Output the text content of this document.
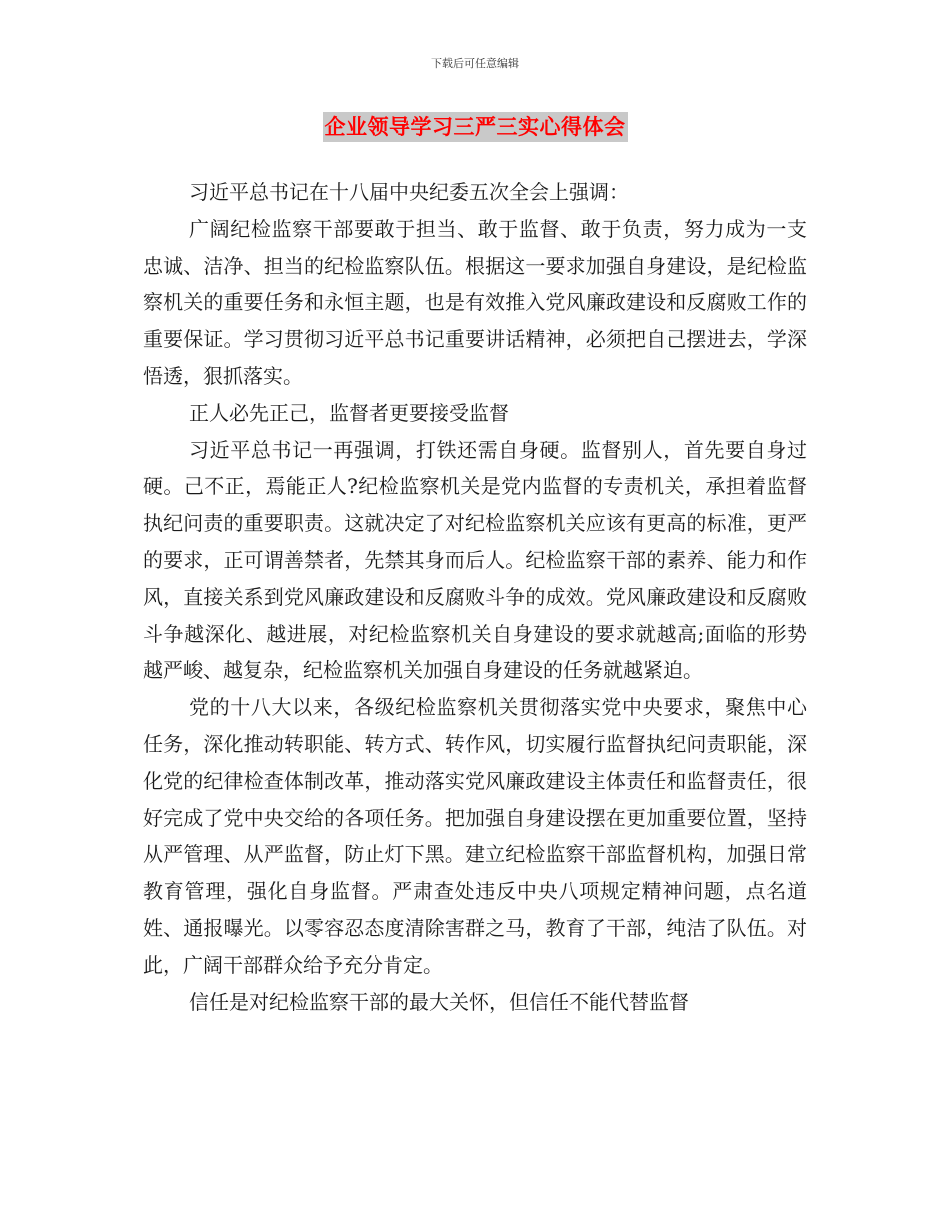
下载后可任意编辑
企业领导学习三严三实心得体会

习近平总书记在十八届中央纪委五次全会上强调：

广阔纪检监察干部要敢于担当、敢于监督、敢于负责，努力成为一支忠诚、洁净、担当的纪检监察队伍。根据这一要求加强自身建设，是纪检监察机关的重要任务和永恒主题，也是有效推入党风廉政建设和反腐败工作的重要保证。学习贯彻习近平总书记重要讲话精神，必须把自己摆进去，学深悟透，狠抓落实。

正人必先正己，监督者更要接受监督

习近平总书记一再强调，打铁还需自身硬。监督别人，首先要自身过硬。己不正，焉能正人?纪检监察机关是党内监督的专责机关，承担着监督执纪问责的重要职责。这就决定了对纪检监察机关应该有更高的标准，更严的要求，正可谓善禁者，先禁其身而后人。纪检监察干部的素养、能力和作风，直接关系到党风廉政建设和反腐败斗争的成效。党风廉政建设和反腐败斗争越深化、越进展，对纪检监察机关自身建设的要求就越高;面临的形势越严峻、越复杂，纪检监察机关加强自身建设的任务就越紧迫。

党的十八大以来，各级纪检监察机关贯彻落实党中央要求，聚焦中心任务，深化推动转职能、转方式、转作风，切实履行监督执纪问责职能，深化党的纪律检查体制改革，推动落实党风廉政建设主体责任和监督责任，很好完成了党中央交给的各项任务。把加强自身建设摆在更加重要位置，坚持从严管理、从严监督，防止灯下黑。建立纪检监察干部监督机构，加强日常教育管理，强化自身监督。严肃查处违反中央八项规定精神问题，点名道姓、通报曝光。以零容忍态度清除害群之马，教育了干部，纯洁了队伍。对此，广阔干部群众给予充分肯定。

信任是对纪检监察干部的最大关怀，但信任不能代替监督
